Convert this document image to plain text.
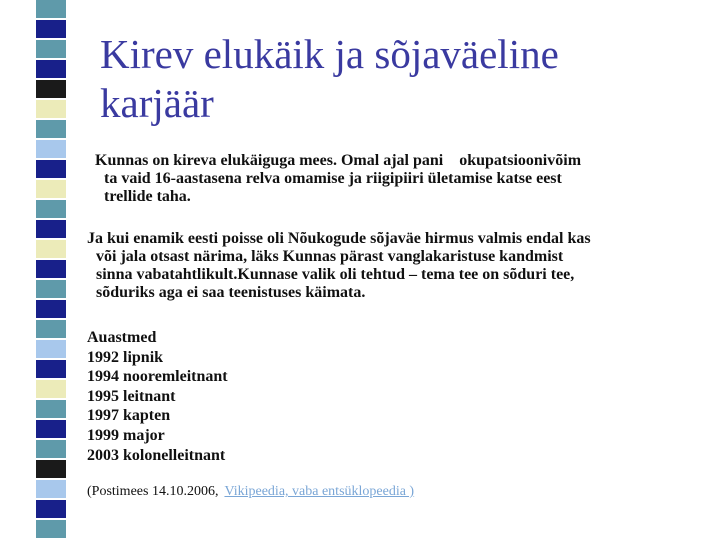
Kirev elukäik ja sõjaväeline
karjäär
Kunnas on kireva elukäiguga mees. Omal ajal pani    okupatsioonivõim
ta vaid 16-aastasena relva omamise ja riigipiiri ületamise katse eest
trellide taha.
Ja kui enamik eesti poisse oli Nõukogude sõjaväe hirmus valmis endal kas
või jala otsast närima, läks Kunnas pärast vanglakaristuse kandmist
sinna vabatahtlikult.Kunnase valik oli tehtud – tema tee on sõduri tee,
sõduriks aga ei saa teenistuses käimata.
Auastmed
1992 lipnik
1994 nooremleitnant
1995 leitnant
1997 kapten
1999 major
2003 kolonelleitnant
(Postimees 14.10.2006, Vikipeedia, vaba entsüklopeedia )
